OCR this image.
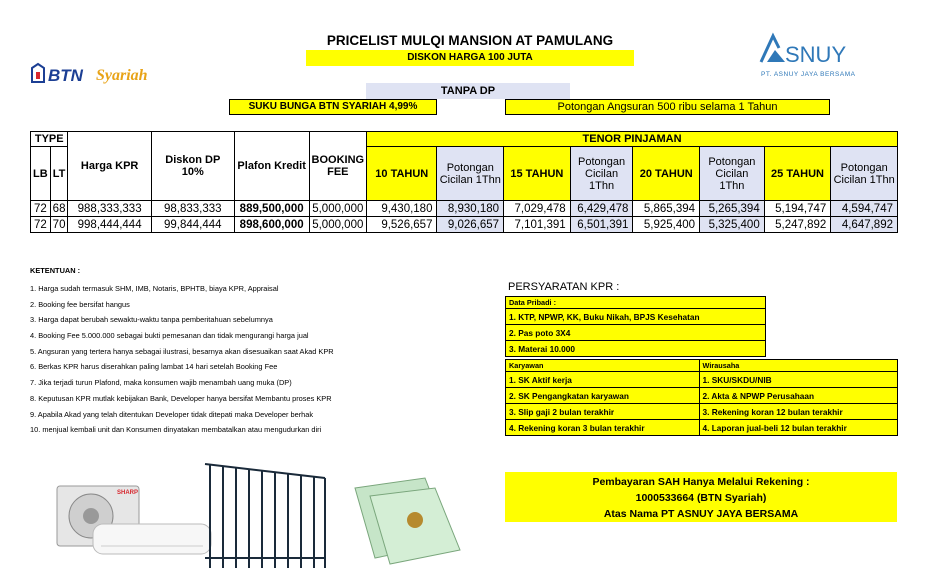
BTN Syariah
SNUY
PT. ASNUY JAYA BERSAMA
PRICELIST MULQI MANSION AT PAMULANG
DISKON HARGA 100 JUTA
TANPA DP
SUKU BUNGA BTN SYARIAH 4,99%	Potongan Angsuran 500 ribu selama 1 Tahun
TYPE		Harga KPR	Diskon DP 10%	Plafon Kredit	BOOKING FEE	TENOR PINJAMAN							
LB	LT					10 TAHUN	Potongan Cicilan 1Thn	15 TAHUN	Potongan Cicilan 1Thn	20 TAHUN	Potongan Cicilan 1Thn	25 TAHUN	Potongan Cicilan 1Thn
72	68	988,333,333	98,833,333	889,500,000	5,000,000	9,430,180	8,930,180	7,029,478	6,429,478	5,865,394	5,265,394	5,194,747	4,594,747
72	70	998,444,444	99,844,444	898,600,000	5,000,000	9,526,657	9,026,657	7,101,391	6,501,391	5,925,400	5,325,400	5,247,892	4,647,892
KETENTUAN :
1. Harga sudah termasuk SHM, IMB, Notaris, BPHTB, biaya KPR, Appraisal
2. Booking fee bersifat hangus
3. Harga dapat berubah sewaktu-waktu tanpa pemberitahuan sebelumnya
4. Booking Fee 5.000.000 sebagai bukti pemesanan dan tidak mengurangi harga jual
5. Angsuran yang tertera hanya sebagai ilustrasi, besarnya akan disesuaikan saat Akad KPR
6. Berkas KPR harus diserahkan paling lambat 14 hari setelah Booking Fee
7. Jika terjadi turun Plafond, maka konsumen wajib menambah uang muka (DP)
8. Keputusan KPR mutlak kebijakan Bank, Developer hanya bersifat Membantu proses KPR
9. Apabila Akad yang telah ditentukan Developer tidak ditepati maka Developer berhak
10. menjual kembali unit dan Konsumen dinyatakan membatalkan atau mengudurkan diri
PERSYARATAN KPR :
Data Pribadi :
1. KTP, NPWP, KK, Buku Nikah, BPJS Kesehatan
2. Pas poto 3X4
3. Materai 10.000
Karyawan	Wirausaha
1. SK Aktif kerja	1. SKU/SKDU/NIB
2. SK Pengangkatan karyawan	2. Akta & NPWP Perusahaan
3. Slip gaji 2 bulan terakhir	3. Rekening koran 12 bulan terakhir
4. Rekening koran 3 bulan terakhir	4. Laporan jual-beli 12 bulan terakhir
Pembayaran SAH Hanya Melalui Rekening :
1000533664 (BTN Syariah)
Atas Nama PT ASNUY JAYA BERSAMA
SHARP
